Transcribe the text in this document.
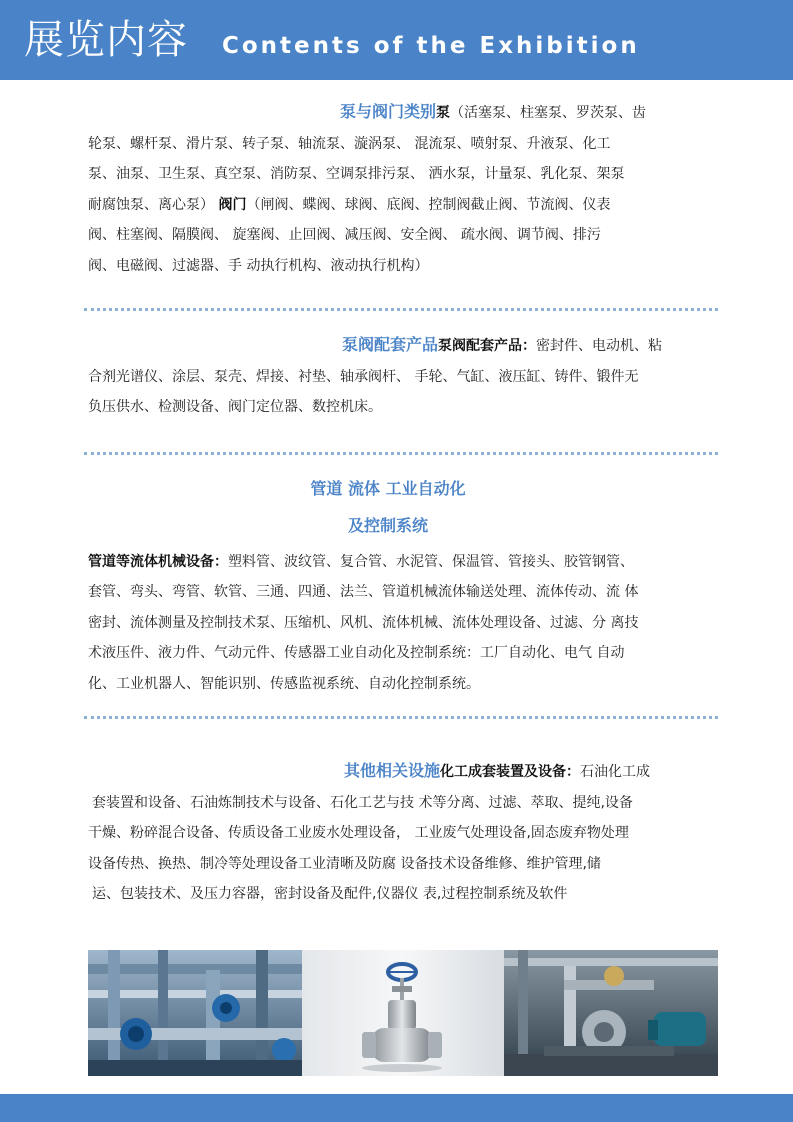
展览内容 Contents of the Exhibition

泵与阀门类别泵（活塞泵、柱塞泵、罗茨泵、齿

轮泵、螺杆泵、滑片泵、转子泵、轴流泵、漩涡泵、 混流泵、喷射泵、升液泵、化工

泵、油泵、卫生泵、真空泵、消防泵、空调泵排污泵、 洒水泵，计量泵、乳化泵、架泵

耐腐蚀泵、离心泵） 阀门（闸阀、蝶阀、球阀、底阀、控制阀截止阀、节流阀、仪表

阀、柱塞阀、隔膜阀、 旋塞阀、止回阀、减压阀、安全阀、 疏水阀、调节阀、排污

阀、电磁阀、过滤器、手 动执行机构、液动执行机构）

泵阀配套产品泵阀配套产品：密封件、电动机、粘

合剂光谱仪、涂层、泵壳、焊接、衬垫、轴承阀杆、 手轮、气缸、液压缸、铸件、锻件无

负压供水、检测设备、阀门定位器、数控机床。

管道 流体 工业自动化

及控制系统

管道等流体机械设备：塑料管、波纹管、复合管、水泥管、保温管、管接头、胶管钢管、

套管、弯头、弯管、软管、三通、四通、法兰、管道机械流体输送处理、流体传动、流 体

密封、流体测量及控制技术泵、压缩机、风机、流体机械、流体处理设备、过滤、分 离技

术液压件、液力件、气动元件、传感器工业自动化及控制系统：工厂自动化、电气 自动

化、工业机器人、智能识别、传感监视系统、自动化控制系统。

其他相关设施化工成套装置及设备：石油化工成

套装置和设备、石油炼制技术与设备、石化工艺与技 术等分离、过滤、萃取、提纯,设备

干燥、粉碎混合设备、传质设备工业废水处理设备， 工业废气处理设备,固态废弃物处理

设备传热、换热、制冷等处理设备工业清晰及防腐 设备技术设备维修、维护管理,储

运、包装技术、及压力容器，密封设备及配件,仪器仪 表,过程控制系统及软件
